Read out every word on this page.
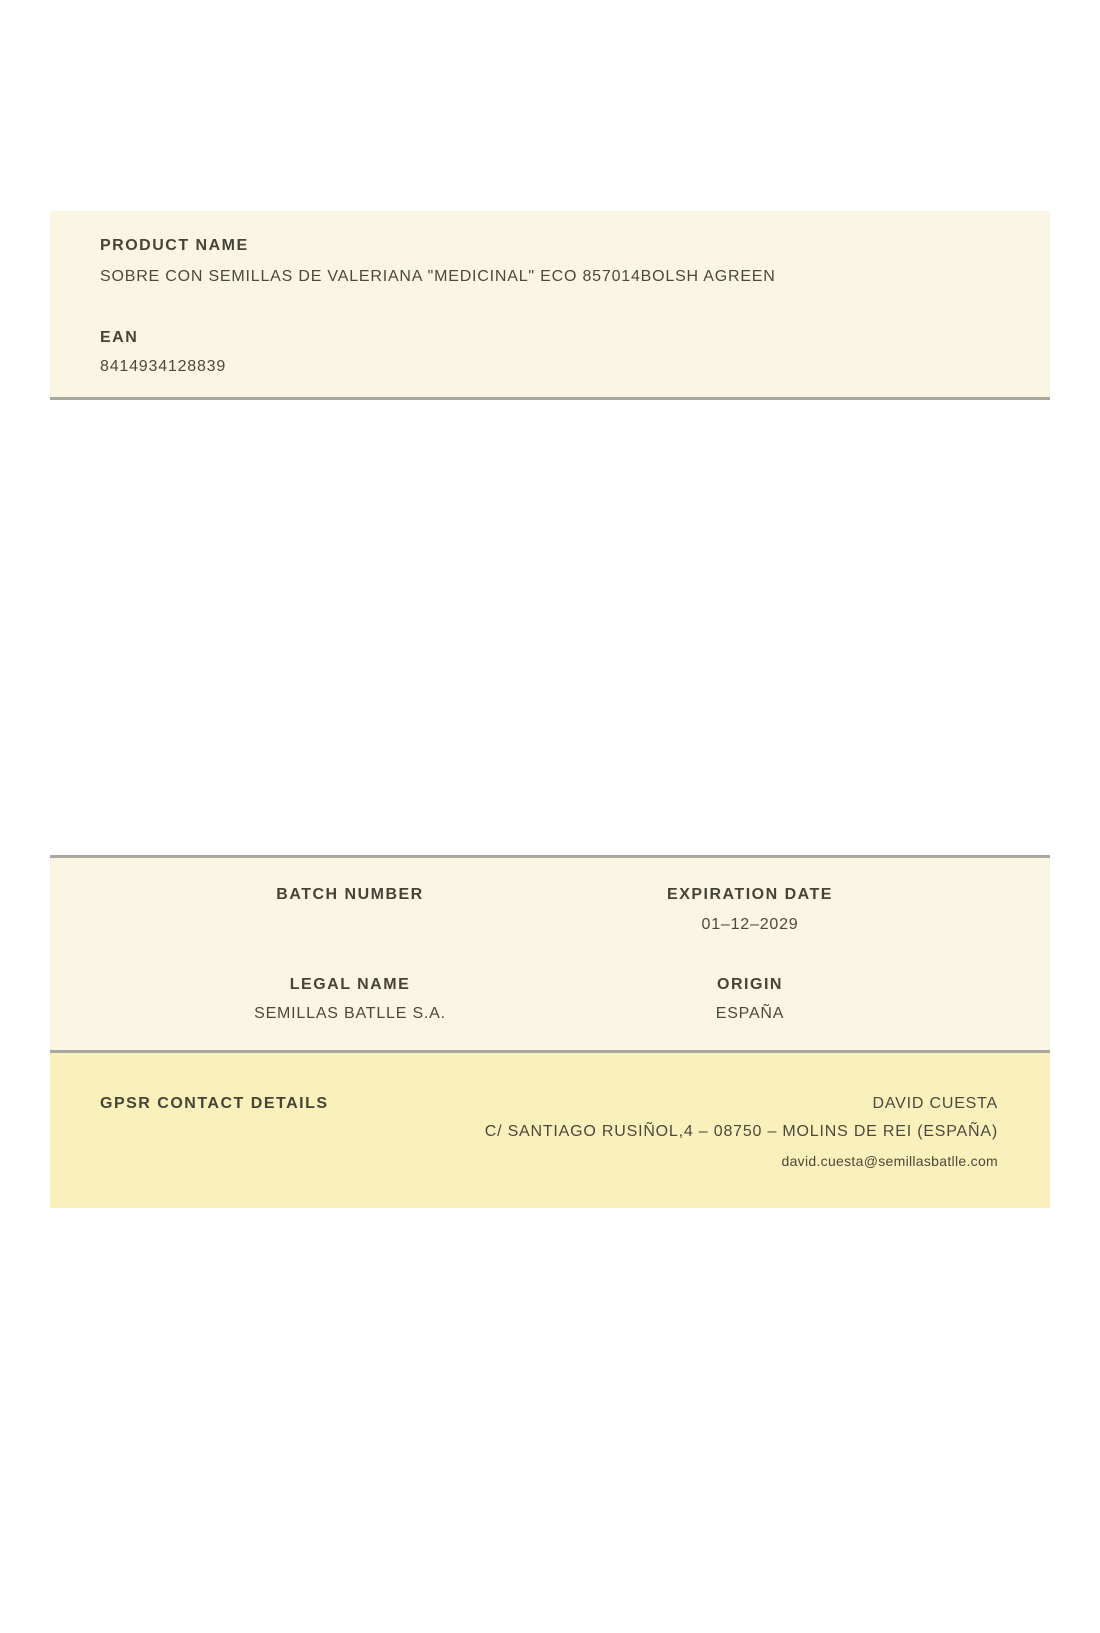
PRODUCT NAME
SOBRE CON SEMILLAS DE VALERIANA "MEDICINAL" ECO 857014BOLSH AGREEN
EAN
8414934128839
BATCH NUMBER	EXPIRATION DATE
01–12–2029
LEGAL NAME
SEMILLAS BATLLE S.A.
ORIGIN
ESPAÑA
GPSR CONTACT DETAILS	DAVID CUESTA
C/ SANTIAGO RUSIÑOL,4 – 08750 – MOLINS DE REI (ESPAÑA)
david.cuesta@semillasbatlle.com
